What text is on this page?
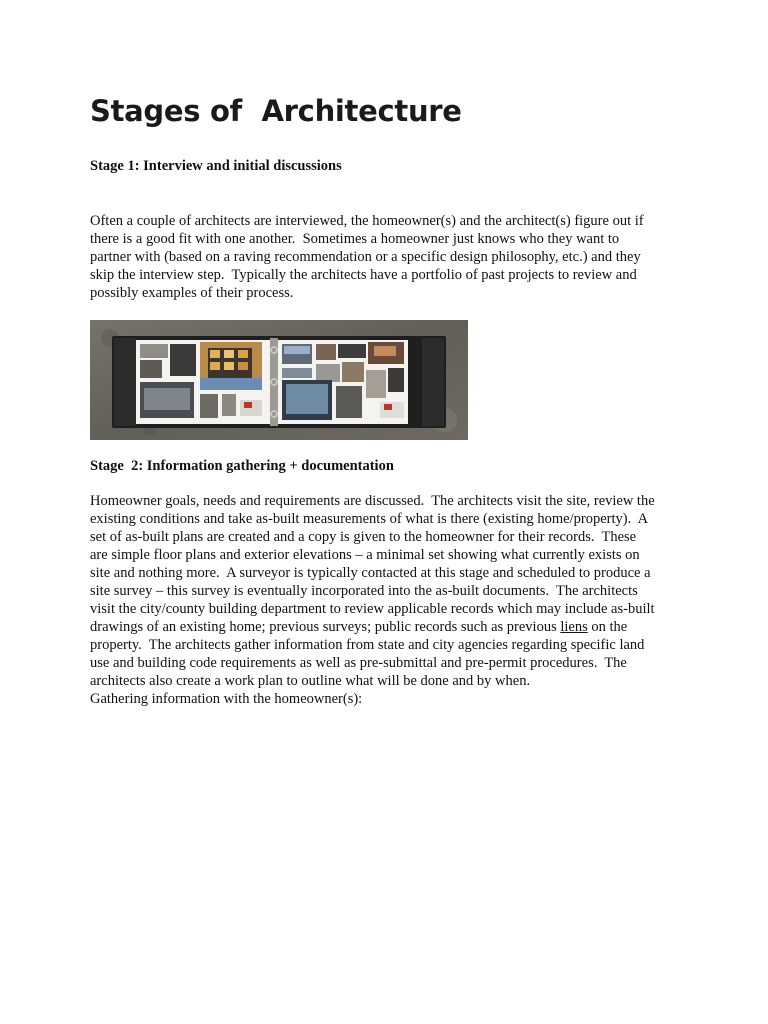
Stages of  Architecture

Stage 1: Interview and initial discussions

Often a couple of architects are interviewed, the homeowner(s) and the architect(s) figure out if
there is a good fit with one another.  Sometimes a homeowner just knows who they want to
partner with (based on a raving recommendation or a specific design philosophy, etc.) and they
skip the interview step.  Typically the architects have a portfolio of past projects to review and
possibly examples of their process.

Stage  2: Information gathering + documentation

Homeowner goals, needs and requirements are discussed.  The architects visit the site, review the
existing conditions and take as-built measurements of what is there (existing home/property).  A
set of as-built plans are created and a copy is given to the homeowner for their records.  These
are simple floor plans and exterior elevations – a minimal set showing what currently exists on
site and nothing more.  A surveyor is typically contacted at this stage and scheduled to produce a
site survey – this survey is eventually incorporated into the as-built documents.  The architects
visit the city/county building department to review applicable records which may include as-built
drawings of an existing home; previous surveys; public records such as previous liens on the
property.  The architects gather information from state and city agencies regarding specific land
use and building code requirements as well as pre-submittal and pre-permit procedures.  The
architects also create a work plan to outline what will be done and by when.
Gathering information with the homeowner(s):
